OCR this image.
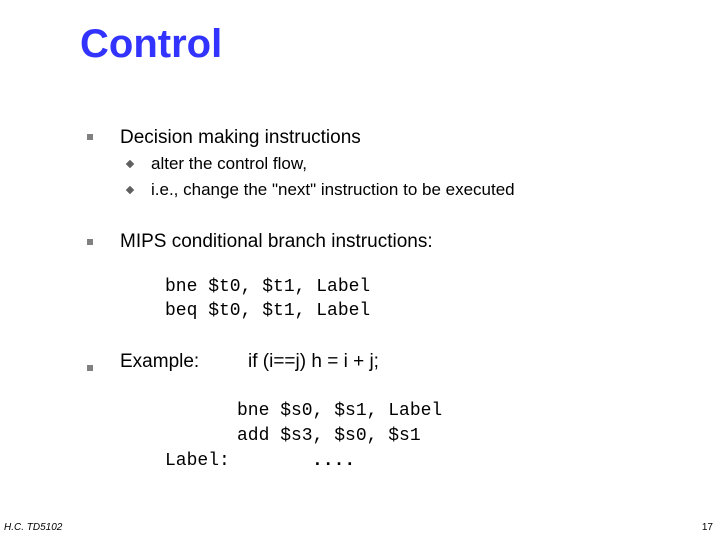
Control
Decision making instructions
alter the control flow,
i.e., change the "next" instruction to be executed
MIPS conditional branch instructions:
bne $t0, $t1, Label
beq $t0, $t1, Label
Example:	if (i==j) h = i + j;
bne $s0, $s1, Label
add $s3, $s0, $s1
Label:	....
H.C. TD5102	17
